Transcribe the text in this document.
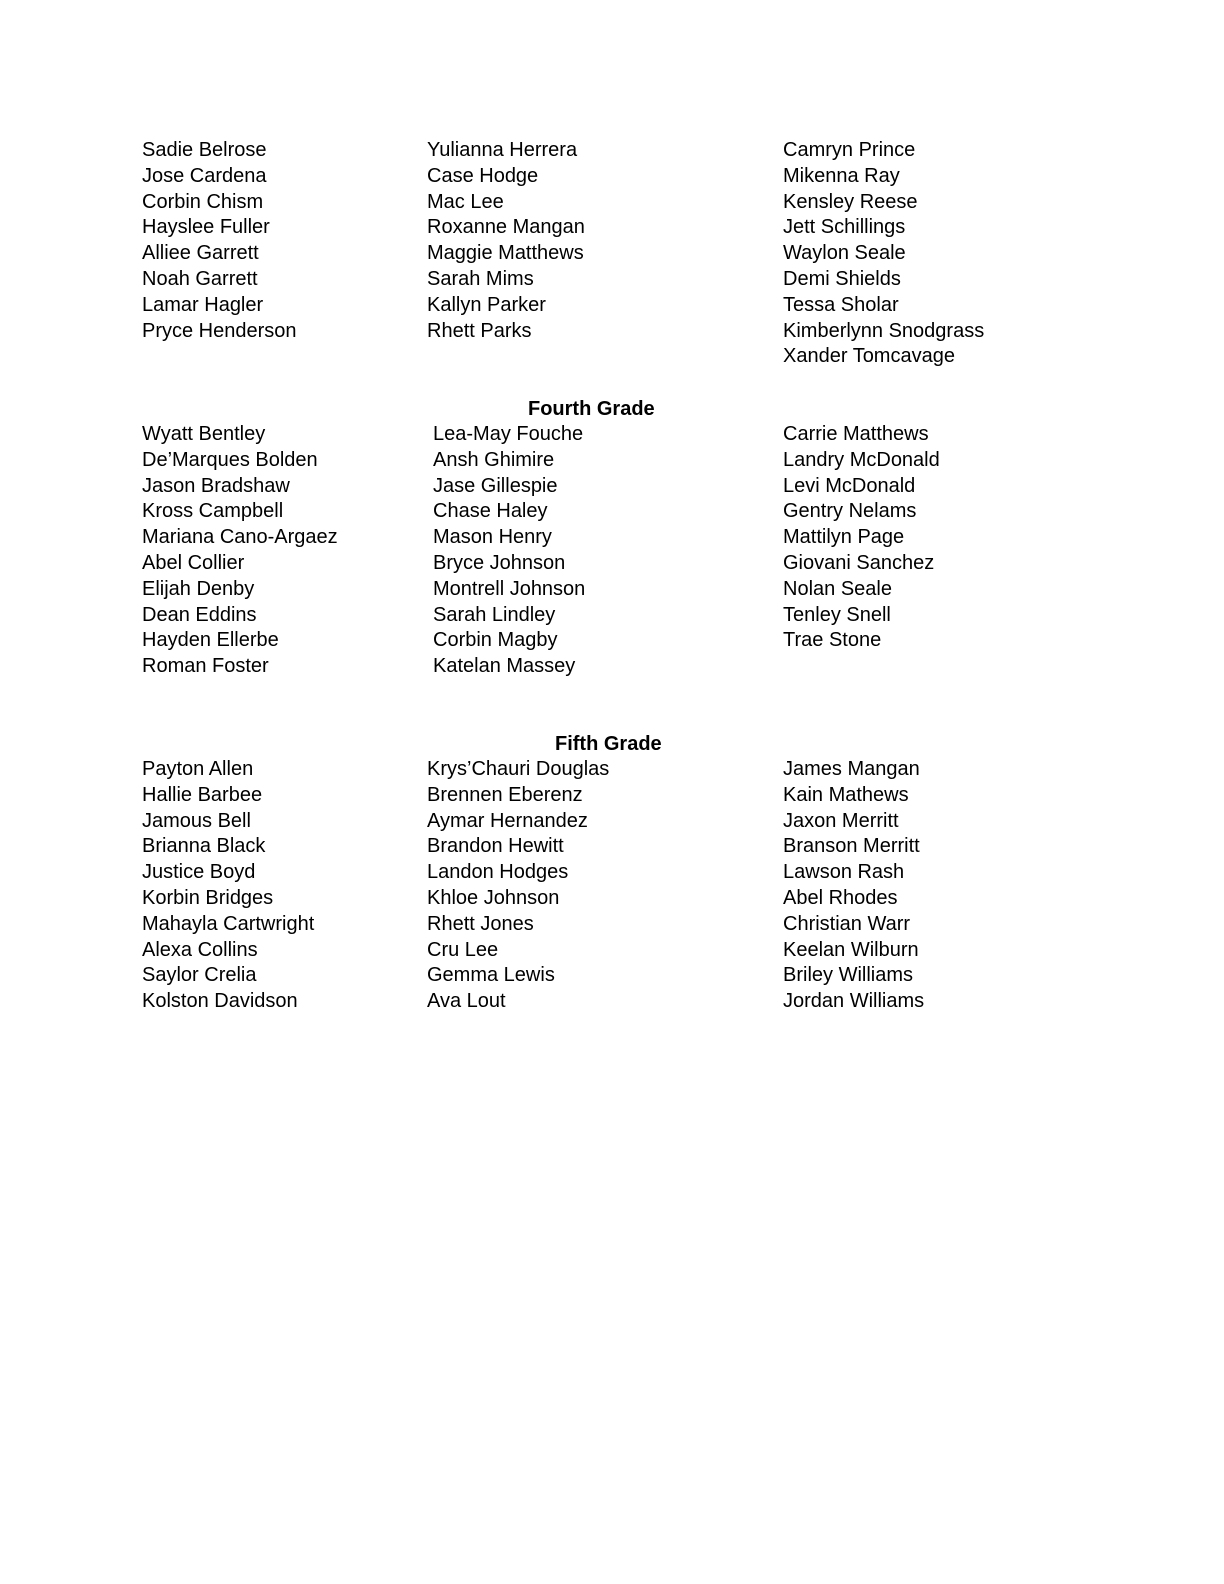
Sadie Belrose
Jose Cardena
Corbin Chism
Hayslee Fuller
Alliee Garrett
Noah Garrett
Lamar Hagler
Pryce Henderson
Yulianna Herrera
Case Hodge
Mac Lee
Roxanne Mangan
Maggie Matthews
Sarah Mims
Kallyn Parker
Rhett Parks
Camryn Prince
Mikenna Ray
Kensley Reese
Jett Schillings
Waylon Seale
Demi Shields
Tessa Sholar
Kimberlynn Snodgrass
Xander Tomcavage
Fourth Grade
Wyatt Bentley
De’Marques Bolden
Jason Bradshaw
Kross Campbell
Mariana Cano-Argaez
Abel Collier
Elijah Denby
Dean Eddins
Hayden Ellerbe
Roman Foster
Lea-May Fouche
Ansh Ghimire
Jase Gillespie
Chase Haley
Mason Henry
Bryce Johnson
Montrell Johnson
Sarah Lindley
Corbin Magby
Katelan Massey
Carrie Matthews
Landry McDonald
Levi McDonald
Gentry Nelams
Mattilyn Page
Giovani Sanchez
Nolan Seale
Tenley Snell
Trae Stone
Fifth Grade
Payton Allen
Hallie Barbee
Jamous Bell
Brianna Black
Justice Boyd
Korbin Bridges
Mahayla Cartwright
Alexa Collins
Saylor Crelia
Kolston Davidson
Krys’Chauri Douglas
Brennen Eberenz
Aymar Hernandez
Brandon Hewitt
Landon Hodges
Khloe Johnson
Rhett Jones
Cru Lee
Gemma Lewis
Ava Lout
James Mangan
Kain Mathews
Jaxon Merritt
Branson Merritt
Lawson Rash
Abel Rhodes
Christian Warr
Keelan Wilburn
Briley Williams
Jordan Williams
